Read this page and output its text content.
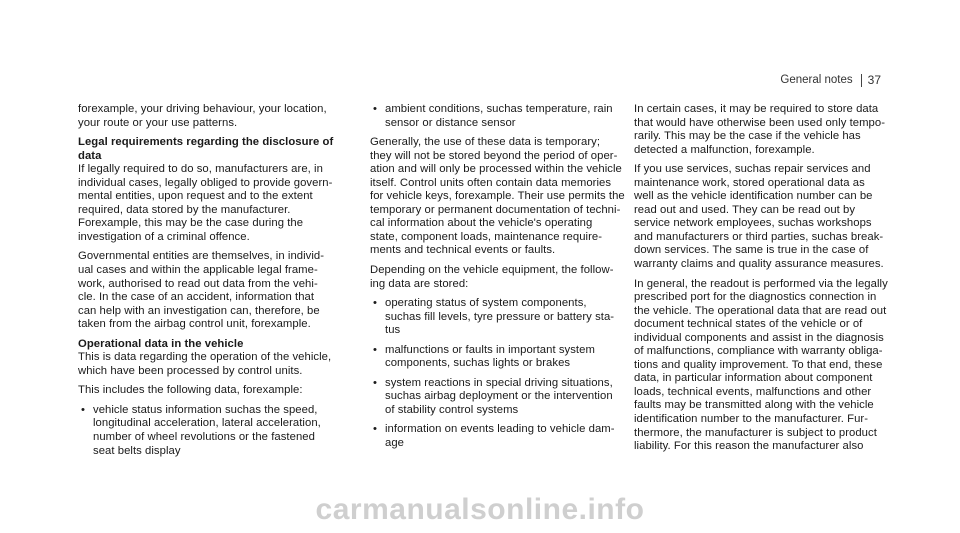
General notes 37

forexample, your driving behaviour, your location,
your route or your use patterns.

Legal requirements regarding the disclosure of
data

If legally required to do so, manufacturers are, in
individual cases, legally obliged to provide govern-
mental entities, upon request and to the extent
required, data stored by the manufacturer.
Forexample, this may be the case during the
investigation of a criminal offence.

Governmental entities are themselves, in individ-
ual cases and within the applicable legal frame-
work, authorised to read out data from the vehi-
cle. In the case of an accident, information that
can help with an investigation can, therefore, be
taken from the airbag control unit, forexample.

Operational data in the vehicle

This is data regarding the operation of the vehicle,
which have been processed by control units.

This includes the following data, forexample:

• vehicle status information suchas the speed,
longitudinal acceleration, lateral acceleration,
number of wheel revolutions or the fastened
seat belts display
• ambient conditions, suchas temperature, rain
sensor or distance sensor

Generally, the use of these data is temporary;
they will not be stored beyond the period of oper-
ation and will only be processed within the vehicle
itself. Control units often contain data memories
for vehicle keys, forexample. Their use permits the
temporary or permanent documentation of techni-
cal information about the vehicle's operating
state, component loads, maintenance require-
ments and technical events or faults.

Depending on the vehicle equipment, the follow-
ing data are stored:

• operating status of system components,
suchas fill levels, tyre pressure or battery sta-
tus
• malfunctions or faults in important system
components, suchas lights or brakes
• system reactions in special driving situations,
suchas airbag deployment or the intervention
of stability control systems
• information on events leading to vehicle dam-
age

In certain cases, it may be required to store data
that would have otherwise been used only tempo-
rarily. This may be the case if the vehicle has
detected a malfunction, forexample.

If you use services, suchas repair services and
maintenance work, stored operational data as
well as the vehicle identification number can be
read out and used. They can be read out by
service network employees, suchas workshops
and manufacturers or third parties, suchas break-
down services. The same is true in the case of
warranty claims and quality assurance measures.

In general, the readout is performed via the legally
prescribed port for the diagnostics connection in
the vehicle. The operational data that are read out
document technical states of the vehicle or of
individual components and assist in the diagnosis
of malfunctions, compliance with warranty obliga-
tions and quality improvement. To that end, these
data, in particular information about component
loads, technical events, malfunctions and other
faults may be transmitted along with the vehicle
identification number to the manufacturer. Fur-
thermore, the manufacturer is subject to product
liability. For this reason the manufacturer also

carmanualsonline.info
